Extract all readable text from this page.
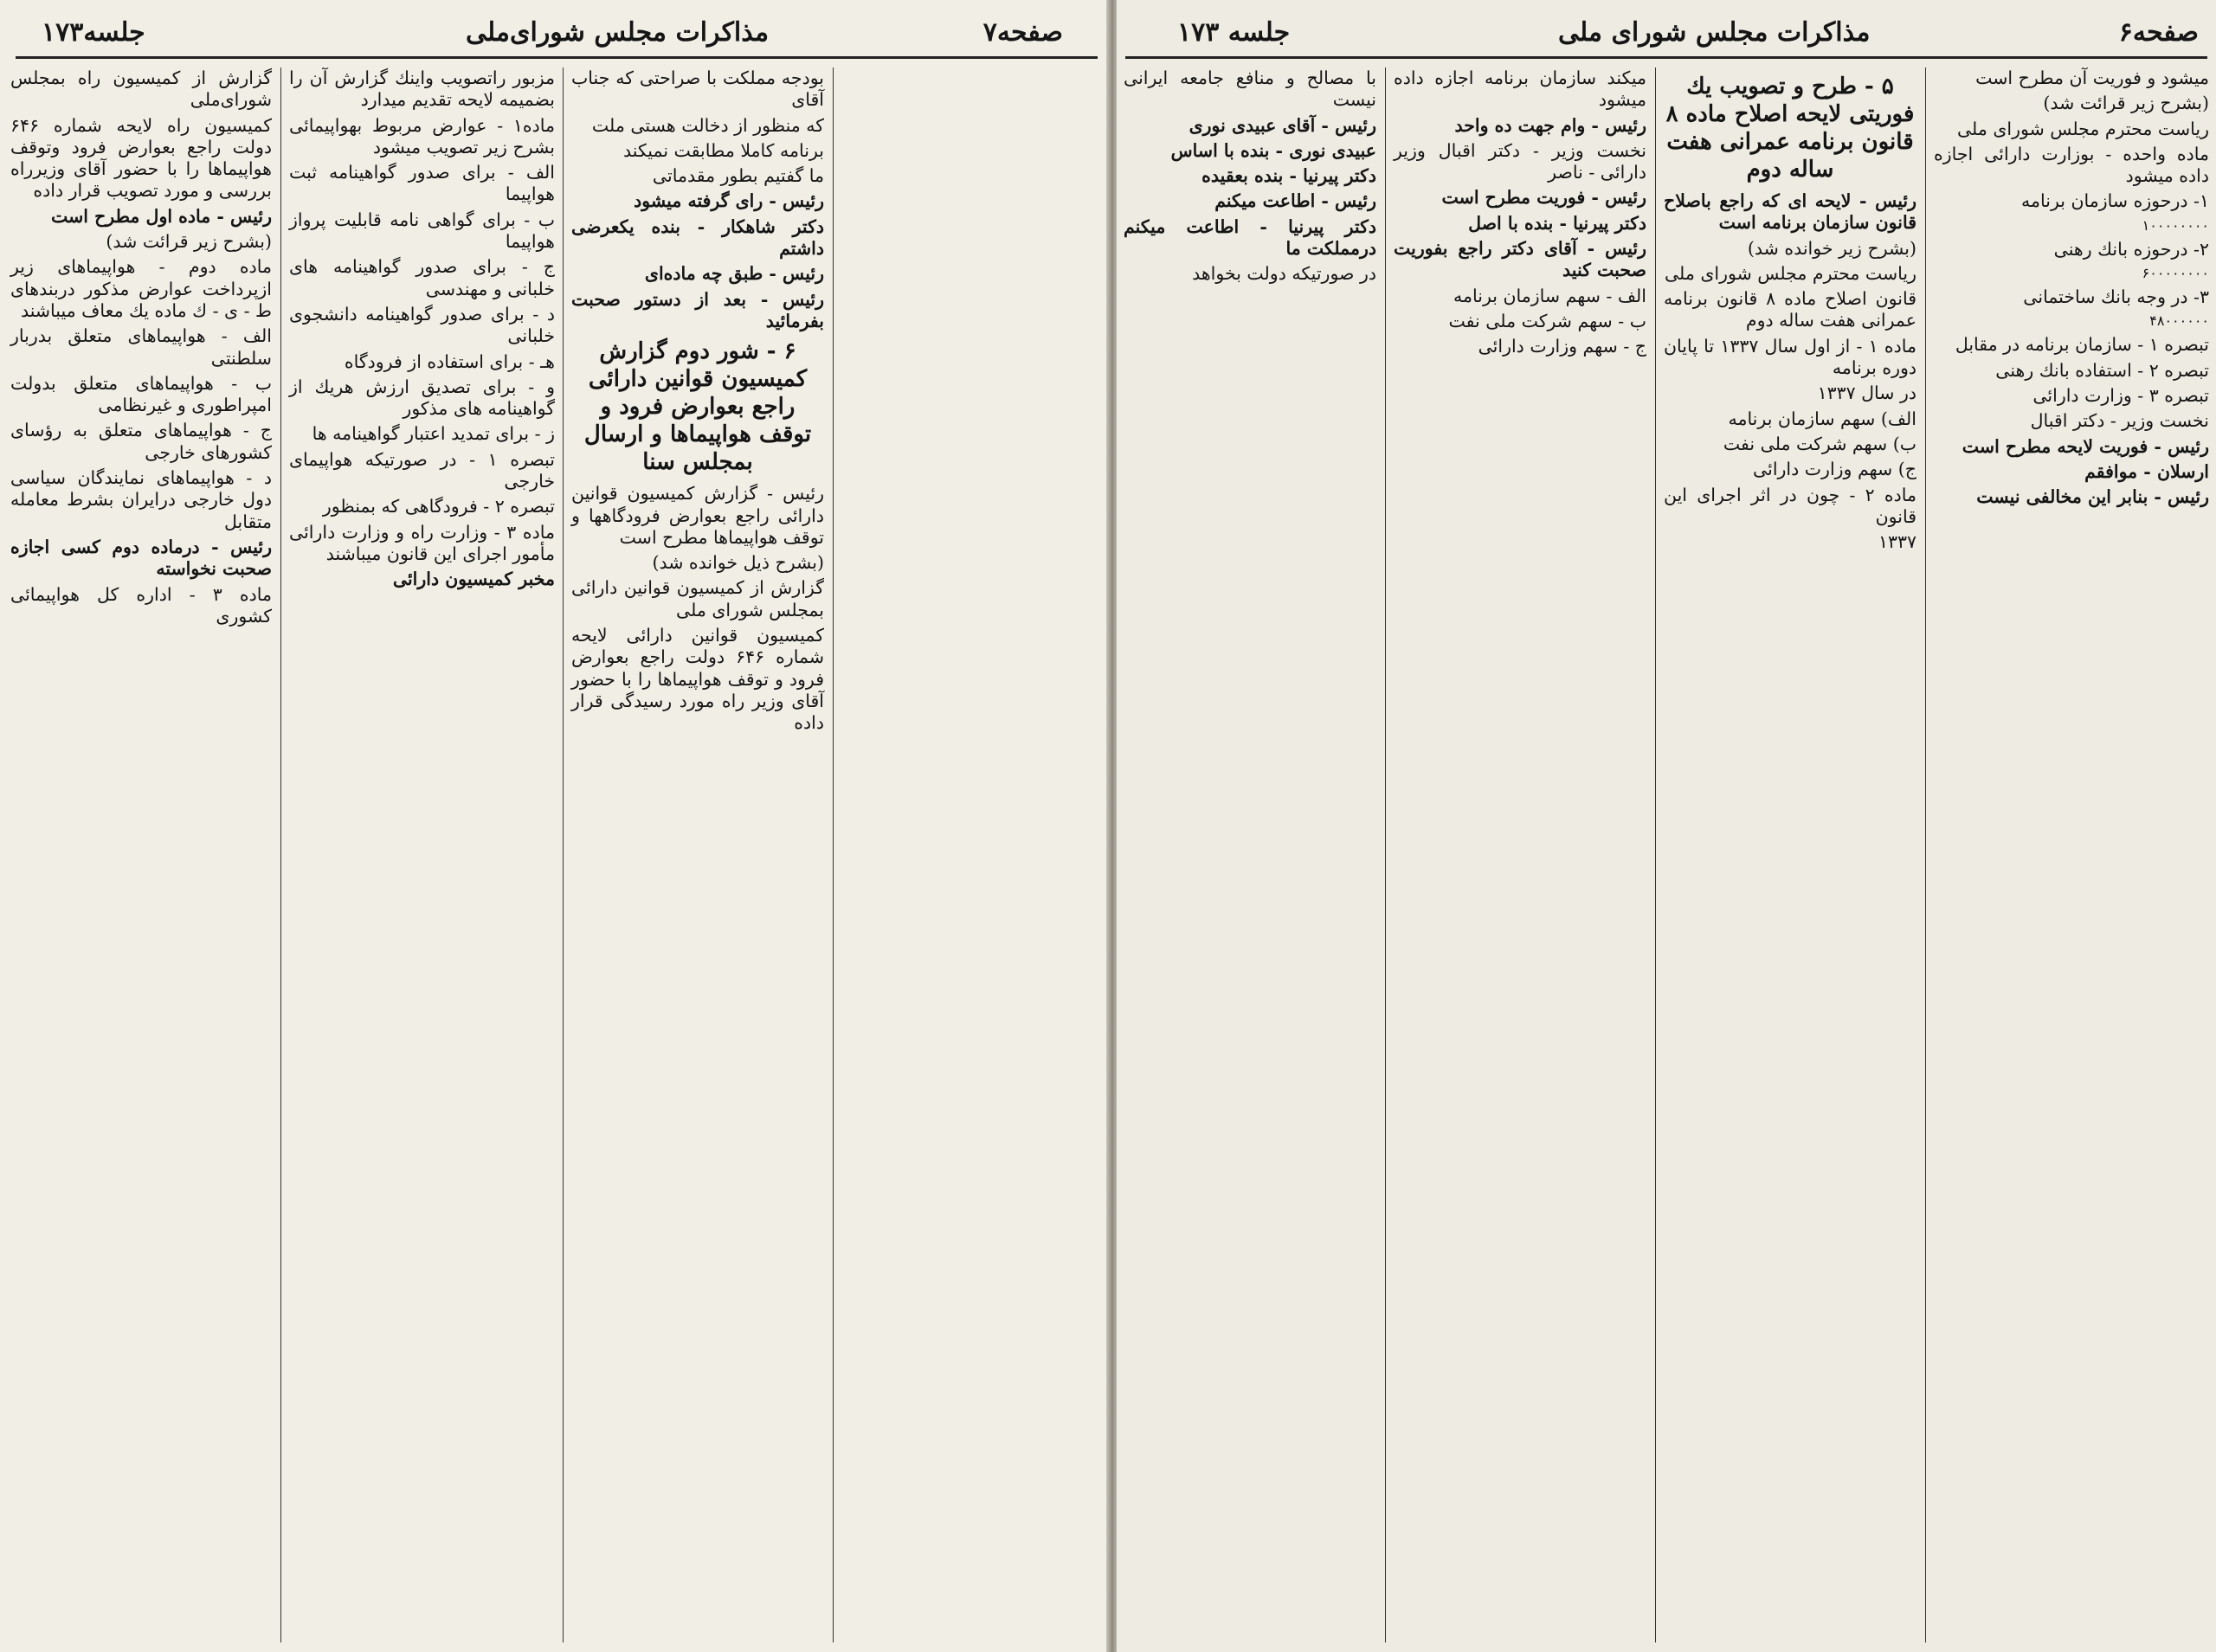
جلسه۱۷۳	مذاکرات مجلس شورای‌ملی	صفحه۷

گزارش از کمیسیون راه بمجلس شورای‌ملی

کمیسیون راه لایحه شماره ۶۴۶ دولت راجع بعوارض فرود وتوقف هواپیماها را با حضور آقای وزیرراه بررسی و مورد تصویب قرار داده

رئیس - ماده اول مطرح است

(بشرح زیر قرائت شد)

ماده دوم - هواپیماهای زیر ازپرداخت عوارض مذکور دربندهای ط - ی - ك ماده یك معاف میباشند

الف - هواپیماهای متعلق بدربار سلطنتی

ب - هواپیماهای متعلق بدولت امپراطوری و غیرنظامی

ج - هواپیماهای متعلق به رؤسای کشورهای خارجی

د - هواپیماهای نمایندگان سیاسی دول خارجی درایران بشرط معامله متقابل

رئیس - درماده دوم کسی اجازه صحبت نخواسته

ماده ۳ - اداره کل هواپیمائی کشوری

مزبور راتصویب وا‌ینك گزارش آن را بضمیمه لایحه تقدیم میدارد

ماده۱ - عوارض مربوط بهواپیمائی بشرح زیر تصویب میشود

الف - برای صدور گواهینامه ثبت هواپیما

ب - برای گواهی نامه قابلیت پرواز هواپیما

ج - برای صدور گواهینامه های خلبانی و مهندسی

د - برای صدور گواهینامه دانشجوی خلبانی

هـ - برای استفاده از فرودگاه

و - برای تصدیق ارزش هریك از گواهینامه های مذکور

ز - برای تمدید اعتبار گواهینامه ها

تبصره ۱ - در صورتیکه هواپیمای خارجی

تبصره ۲ - فرودگاهی که بمنظور

ماده ۳ - وزارت راه و وزارت دارائی مأمور اجرای این قانون میباشند

مخبر کمیسیون دارائی

بودجه مملکت با صراحتی که جناب آقای

که منظور از دخالت هستی ملت

برنامه کاملا مطابقت نمیکند

ما گفتیم بطور مقدماتی

رئیس - رای گرفته میشود

دکتر شاهکار - بنده یکعرضی داشتم

رئیس - طبق چه ماده‌ای

رئیس - بعد از دستور صحبت بفرمائید

۶ - شور دوم گزارش کمیسیون قوانین دارائی راجع بعوارض فرود و توقف هواپیماها و ارسال بمجلس سنا

رئیس - گزارش کمیسیون قوانین دارائی راجع بعوارض فرودگاهها و توقف هواپیماها مطرح است

(بشرح ذیل خوانده شد)

گزارش از کمیسیون قوانین دارائی بمجلس شورای ملی

کمیسیون قوانین دارائی لایحه شماره ۶۴۶ دولت راجع بعوارض فرود و توقف هواپیماها را با حضور آقای وزیر راه مورد رسیدگی قرار داده

جلسه ۱۷۳	مذاکرات مجلس شورای ملی	صفحه۶

با مصالح و منافع جامعه ایرانی نیست

رئیس - آقای عبیدی نوری

عبیدی نوری - بنده با اساس

دکتر پیرنیا - بنده بعقیده

رئیس - اطاعت میکنم

دکتر پیرنیا - اطاعت میکنم درمملکت ما

در صورتیکه دولت بخواهد

میکند سازمان برنامه اجازه داده میشود

رئیس - وام جهت ده واحد

نخست وزیر - دکتر اقبال وزیر دارائی - ناصر

رئیس - فوریت مطرح است

دکتر پیرنیا - بنده با اصل

رئیس - آقای دکتر راجع بفوریت صحبت کنید

الف - سهم سازمان برنامه

ب - سهم شرکت ملی نفت

ج - سهم وزارت دارائی

۵ - طرح و تصویب یك فوریتی لایحه اصلاح ماده ۸ قانون برنامه عمرانی هفت ساله دوم

رئیس - لایحه ای که راجع باصلاح قانون سازمان برنامه است

(بشرح زیر خوانده شد)

ریاست محترم مجلس شورای ملی

قانون اصلاح ماده ۸ قانون برنامه عمرانی هفت ساله دوم

ماده ۱ - از اول سال ۱۳۳۷ تا پایان دوره برنامه

در سال ۱۳۳۷

الف) سهم سازمان برنامه

ب) سهم شرکت ملی نفت

ج) سهم وزارت دارائی

ماده ۲ - چون در اثر اجرای این قانون

۱۳۳۷

میشود و فوریت آن مطرح است

(بشرح زیر قرائت شد)

ریاست محترم مجلس شورای ملی

ماده واحده - بوزارت دارائی اجازه داده میشود

۱- درحوزه سازمان برنامه

۱۰۰۰۰۰۰۰۰

۲- درحوزه بانك رهنی

۶۰۰۰۰۰۰۰۰

۳- در وجه بانك ساختمانی

۴۸۰۰۰۰۰۰

تبصره ۱ - سازمان برنامه در مقابل

تبصره ۲ - استفاده بانك رهنی

تبصره ۳ - وزارت دارائی

نخست وزیر - دکتر اقبال

رئیس - فوریت لایحه مطرح است

ارسلان - موافقم

رئیس - بنابر این مخالفی نیست
